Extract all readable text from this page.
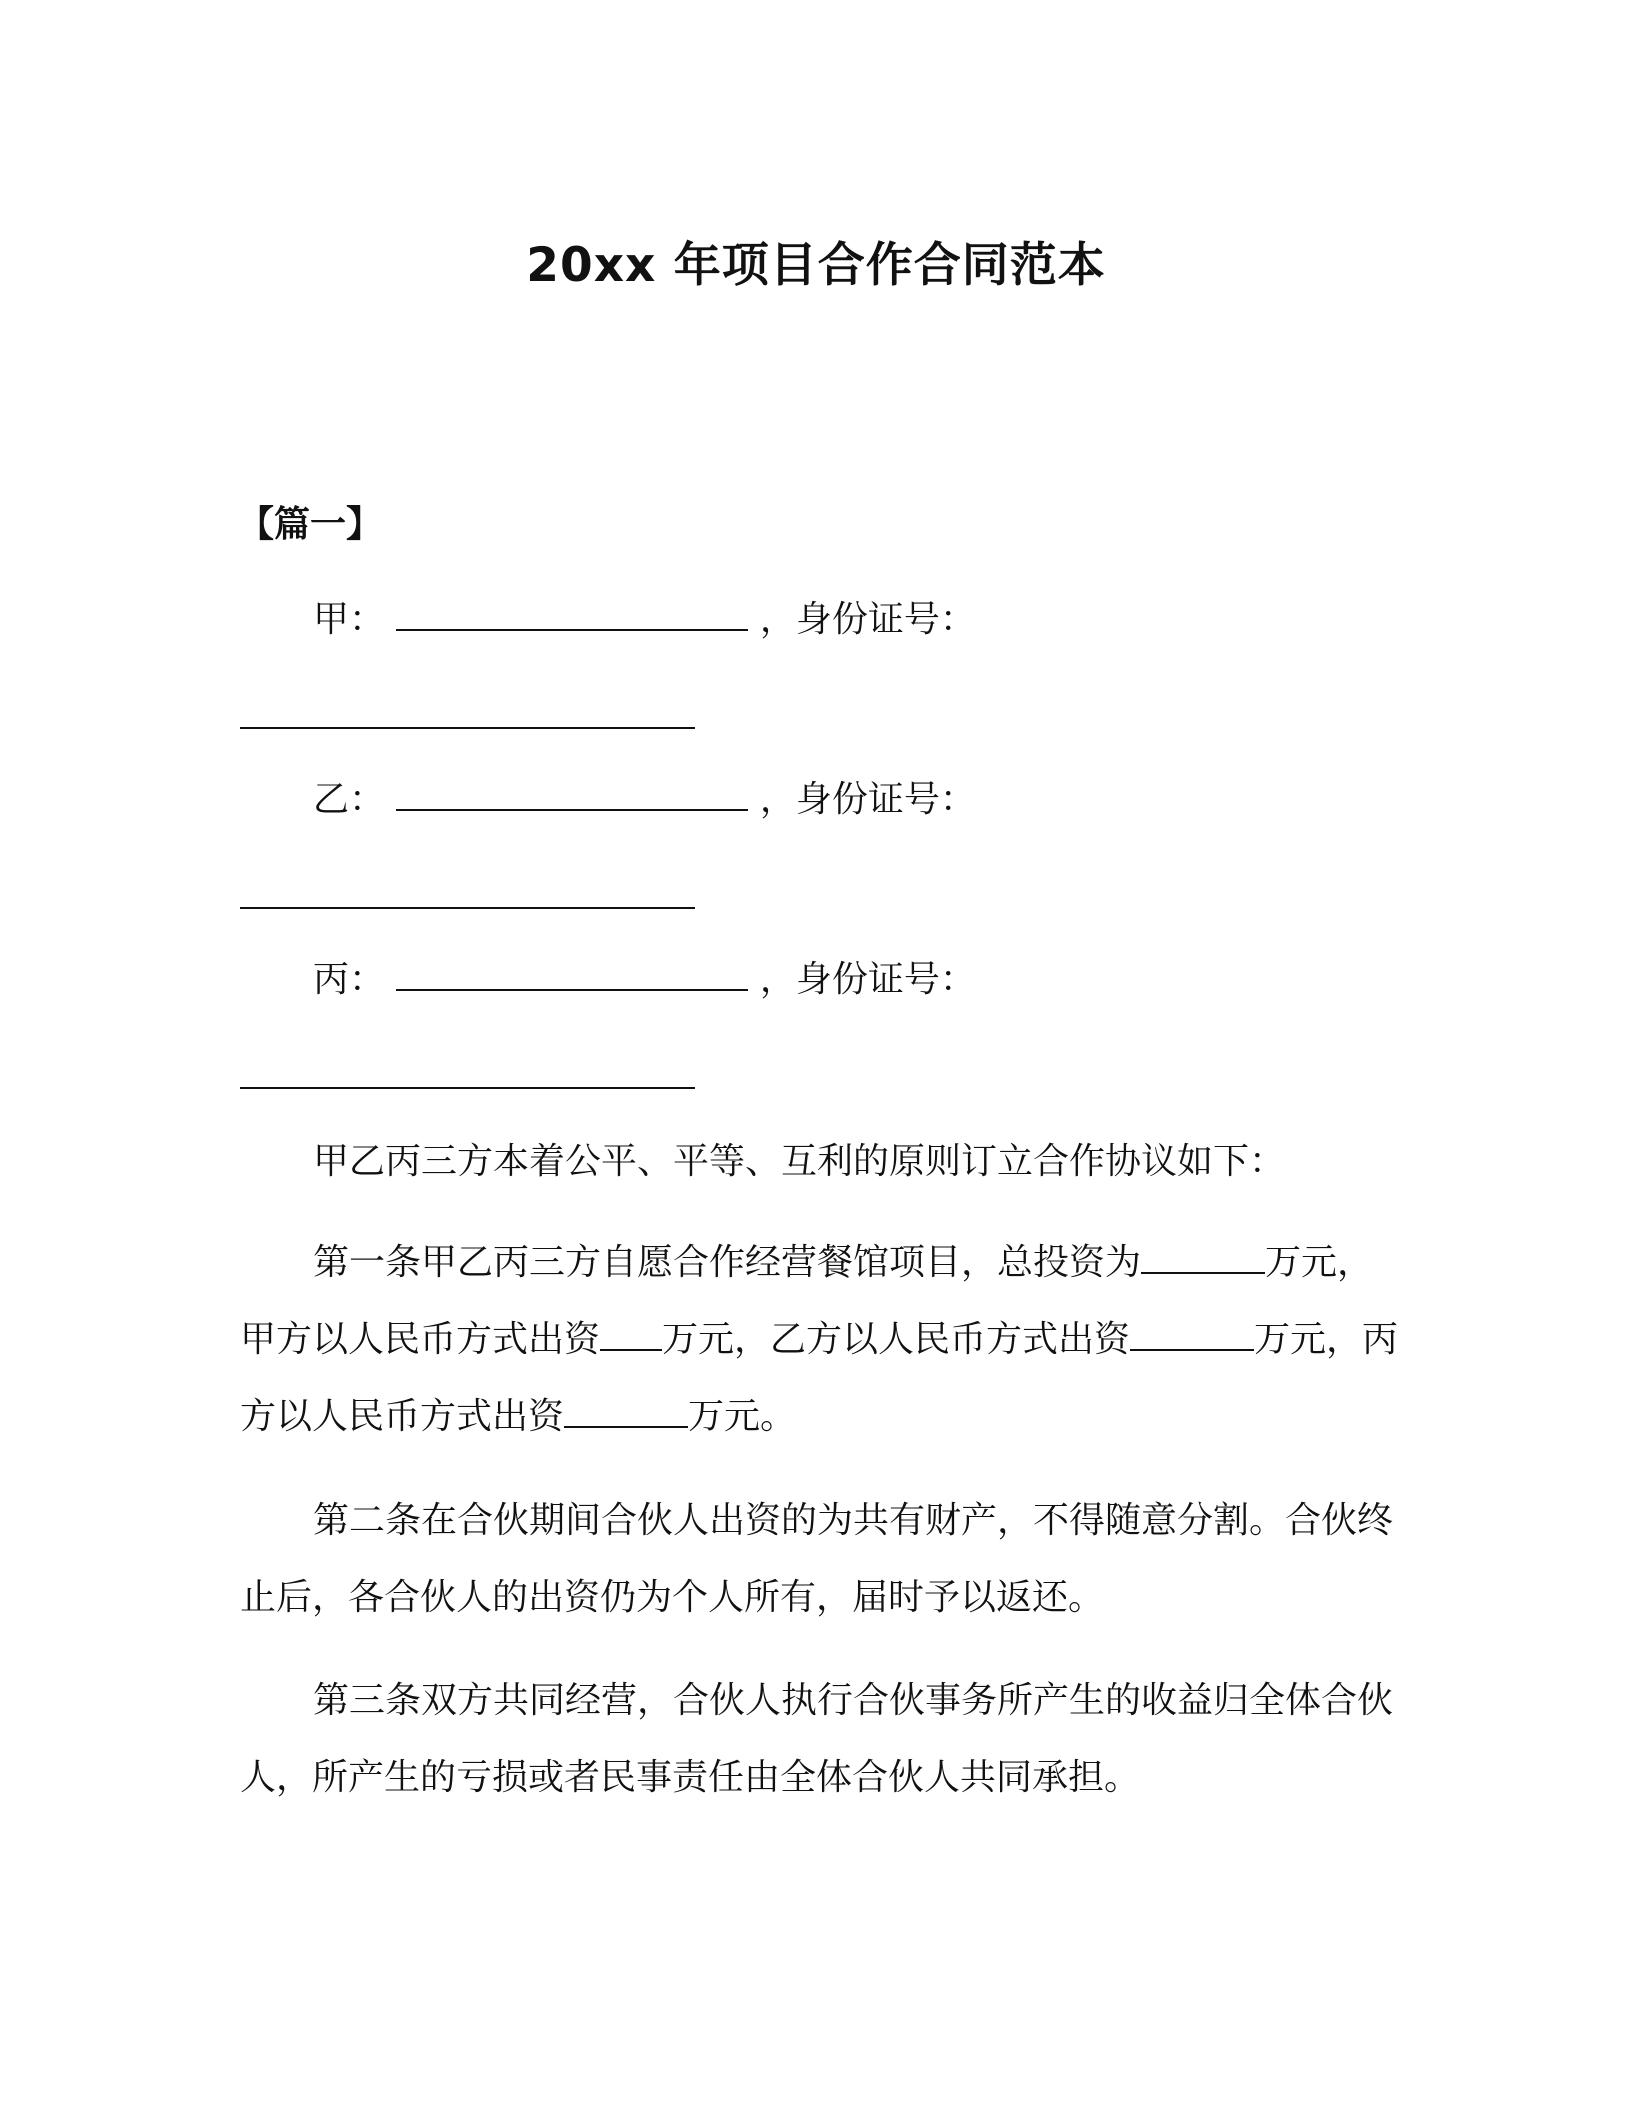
20xx 年项目合作合同范本

【篇一】

甲：	，身份证号：

乙：	，身份证号：

丙：	，身份证号：

甲乙丙三方本着公平、平等、互利的原则订立合作协议如下：

第一条甲乙丙三方自愿合作经营餐馆项目，总投资为	万元，甲方以人民币方式出资 万元，乙方以人民币方式出资	万元，丙方以人民币方式出资	万元。

第二条在合伙期间合伙人出资的为共有财产，不得随意分割。合伙终止后，各合伙人的出资仍为个人所有，届时予以返还。

第三条双方共同经营，合伙人执行合伙事务所产生的收益归全体合伙人，所产生的亏损或者民事责任由全体合伙人共同承担。
